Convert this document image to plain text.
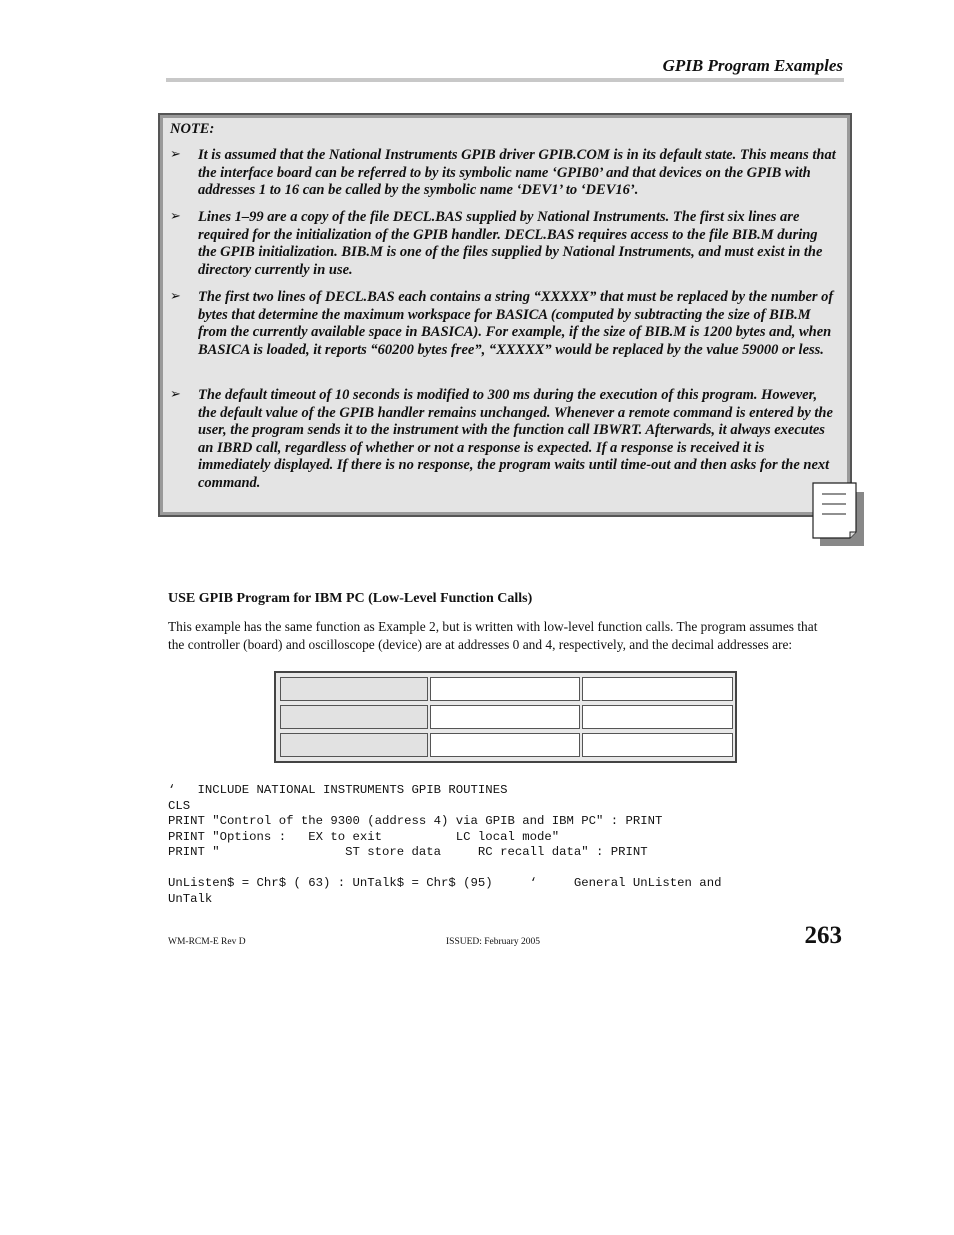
GPIB Program Examples
NOTE:
➢ It is assumed that the National Instruments GPIB driver GPIB.COM is in its default state. This means that the interface board can be referred to by its symbolic name ‘GPIB0’ and that devices on the GPIB with addresses 1 to 16 can be called by the symbolic name ‘DEV1’ to ‘DEV16’.
➢ Lines 1–99 are a copy of the file DECL.BAS supplied by National Instruments. The first six lines are required for the initialization of the GPIB handler. DECL.BAS requires access to the file BIB.M during the GPIB initialization. BIB.M is one of the files supplied by National Instruments, and must exist in the directory currently in use.
➢ The first two lines of DECL.BAS each contains a string “XXXXX” that must be replaced by the number of bytes that determine the maximum workspace for BASICA (computed by subtracting the size of BIB.M from the currently available space in BASICA). For example, if the size of BIB.M is 1200 bytes and, when BASICA is loaded, it reports “60200 bytes free”, “XXXXX” would be replaced by the value 59000 or less.
➢ The default timeout of 10 seconds is modified to 300 ms during the execution of this program. However, the default value of the GPIB handler remains unchanged. Whenever a remote command is entered by the user, the program sends it to the instrument with the function call IBWRT. Afterwards, it always executes an IBRD call, regardless of whether or not a response is expected. If a response is received it is immediately displayed. If there is no response, the program waits until time-out and then asks for the next command.
USE GPIB Program for IBM PC (Low-Level Function Calls)
This example has the same function as Example 2, but is written with low-level function calls. The program assumes that the controller (board) and oscilloscope (device) are at addresses 0 and 4, respectively, and the decimal addresses are:
‘   INCLUDE NATIONAL INSTRUMENTS GPIB ROUTINES
CLS
PRINT "Control of the 9300 (address 4) via GPIB and IBM PC" : PRINT
PRINT "Options :   EX to exit          LC local mode"
PRINT "                 ST store data     RC recall data" : PRINT

UnListen$ = Chr$ ( 63) : UnTalk$ = Chr$ (95)     ‘     General UnListen and
UnTalk
WM-RCM-E Rev D	ISSUED: February 2005	263
